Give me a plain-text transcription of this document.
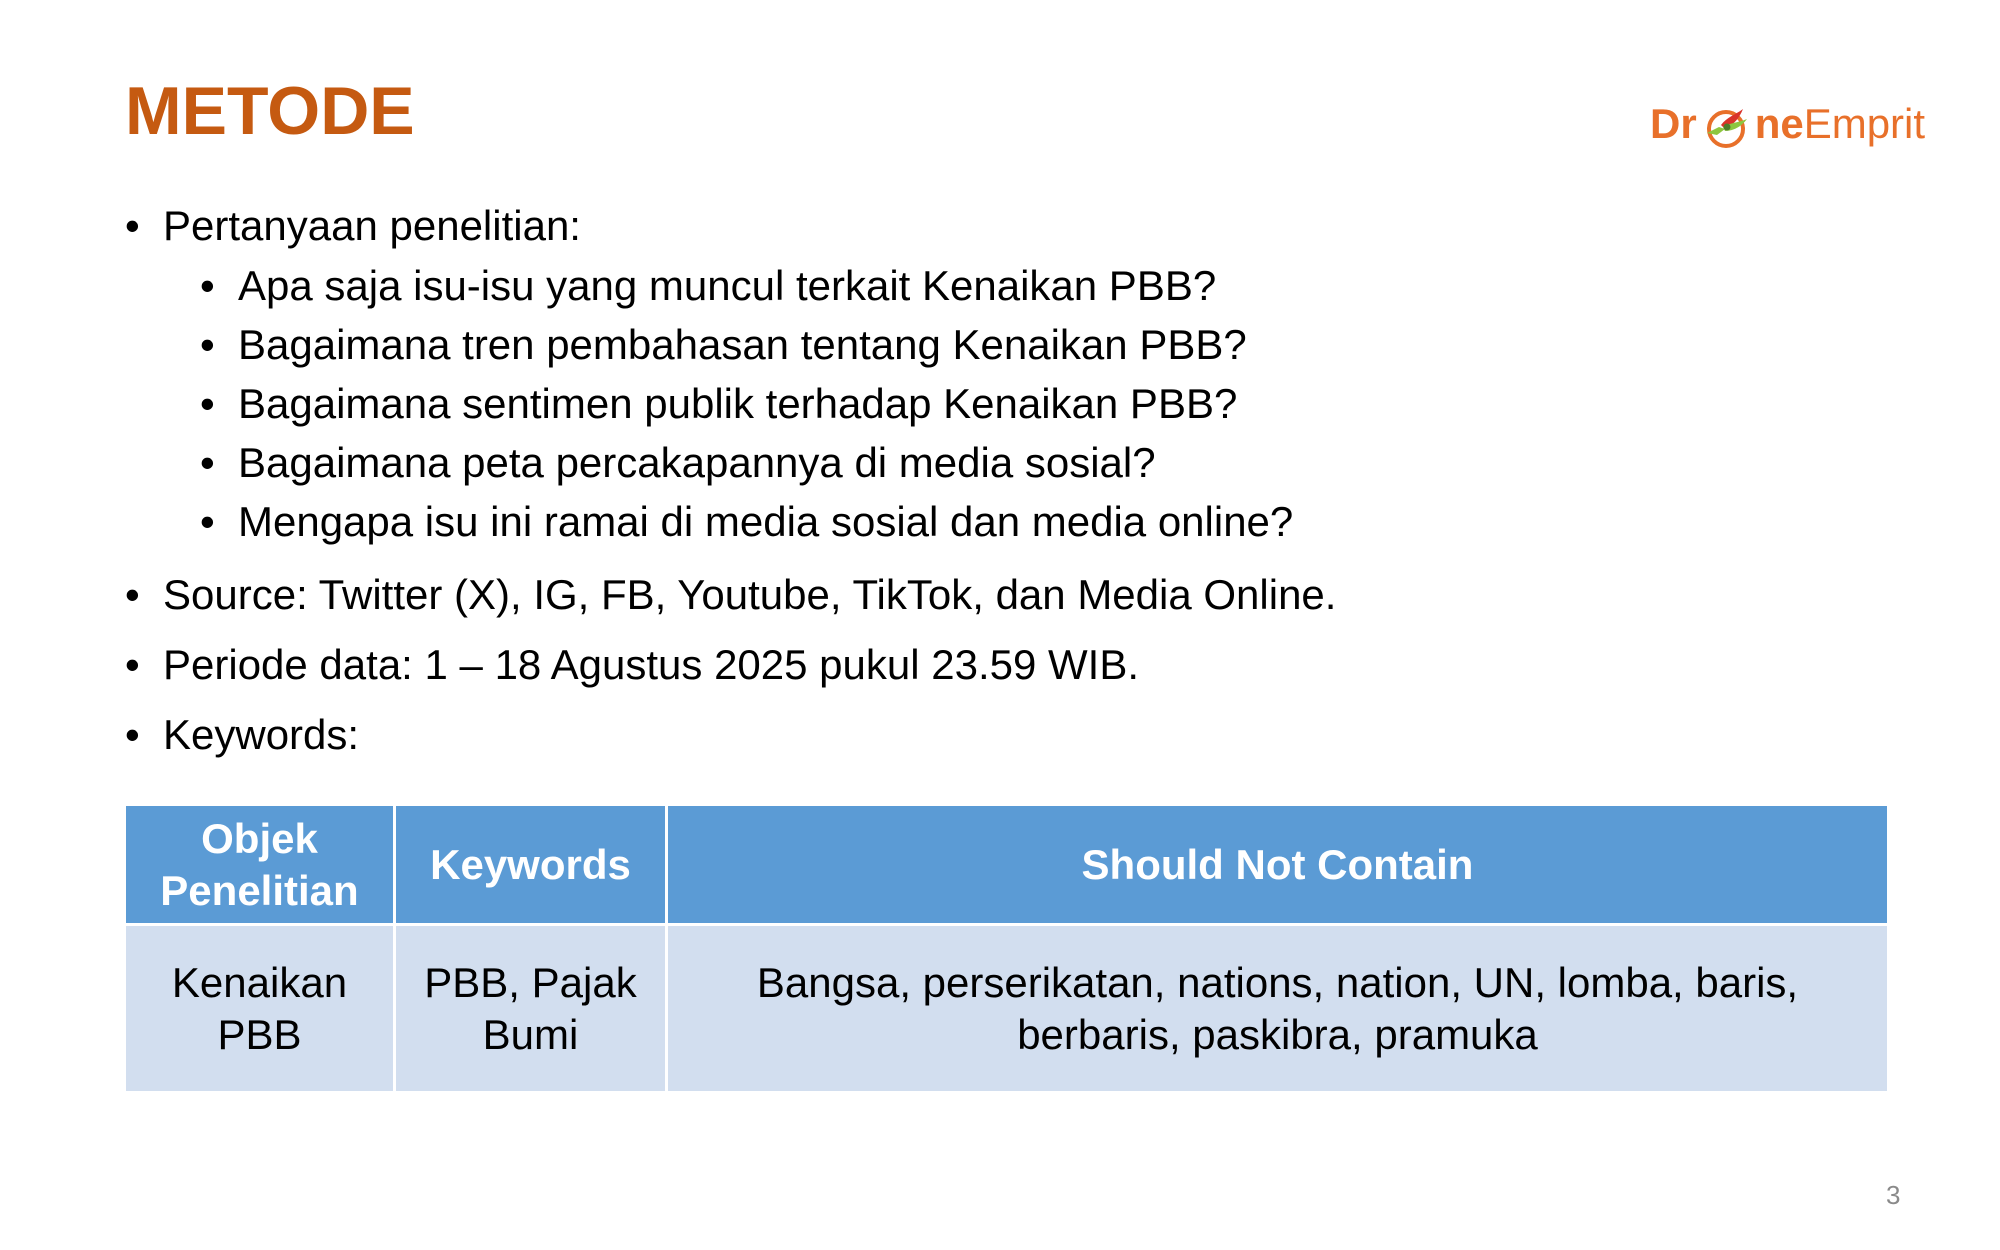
METODE	Dr neEmprit
• Pertanyaan penelitian:
• Apa saja isu-isu yang muncul terkait Kenaikan PBB?
• Bagaimana tren pembahasan tentang Kenaikan PBB?
• Bagaimana sentimen publik terhadap Kenaikan PBB?
• Bagaimana peta percakapannya di media sosial?
• Mengapa isu ini ramai di media sosial dan media online?
• Source: Twitter (X), IG, FB, Youtube, TikTok, dan Media Online.
• Periode data: 1 – 18 Agustus 2025 pukul 23.59 WIB.
• Keywords:
Objek Penelitian	Keywords	Should Not Contain
Kenaikan PBB	PBB, Pajak Bumi	Bangsa, perserikatan, nations, nation, UN, lomba, baris, berbaris, paskibra, pramuka
3
